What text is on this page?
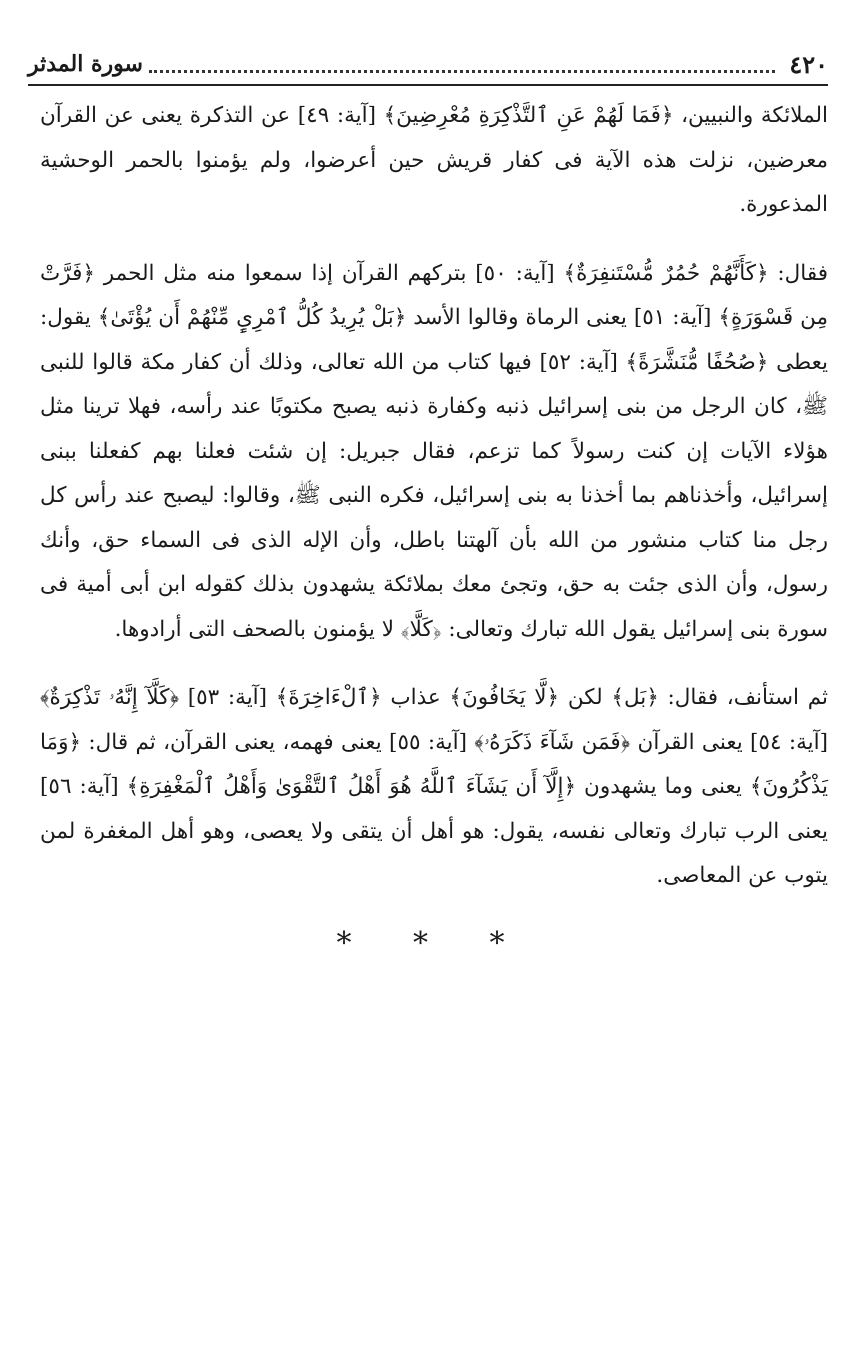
٤٢٠
سورة المدثر

الملائكة والنبيين، ﴿فَمَا لَهُمْ عَنِ ٱلتَّذْكِرَةِ مُعْرِضِينَ﴾ [آية: ٤٩] عن التذكرة يعنى عن القرآن معرضين، نزلت هذه الآية فى كفار قريش حين أعرضوا، ولم يؤمنوا بالحمر الوحشية المذعورة.

فقال: ﴿كَأَنَّهُمْ حُمُرٌ مُّسْتَنفِرَةٌ﴾ [آية: ٥٠] بتركهم القرآن إذا سمعوا منه مثل الحمر ﴿فَرَّتْ مِن قَسْوَرَةٍ﴾ [آية: ٥١] يعنى الرماة وقالوا الأسد ﴿بَلْ يُرِيدُ كُلُّ ٱمْرِىٍٕ مِّنْهُمْ أَن يُؤْتَىٰ﴾ يقول: يعطى ﴿صُحُفًا مُّنَشَّرَةً﴾ [آية: ٥٢] فيها كتاب من الله تعالى، وذلك أن كفار مكة قالوا للنبى ﷺ، كان الرجل من بنى إسرائيل ذنبه وكفارة ذنبه يصبح مكتوبًا عند رأسه، فهلا ترينا مثل هؤلاء الآيات إن كنت رسولاً كما تزعم، فقال جبريل: إن شئت فعلنا بهم كفعلنا ببنى إسرائيل، وأخذناهم بما أخذنا به بنى إسرائيل، فكره النبى ﷺ، وقالوا: ليصبح عند رأس كل رجل منا كتاب منشور من الله بأن آلهتنا باطل، وأن الإله الذى فى السماء حق، وأنك رسول، وأن الذى جئت به حق، وتجئ معك بملائكة يشهدون بذلك كقوله ابن أبى أمية فى سورة بنى إسرائيل يقول الله تبارك وتعالى: ﴿كَلَّا﴾ لا يؤمنون بالصحف التى أرادوها.

ثم استأنف، فقال: ﴿بَل﴾ لكن ﴿لَّا يَخَافُونَ﴾ عذاب ﴿ٱلْءَاخِرَةَ﴾ [آية: ٥٣] ﴿كَلَّآ إِنَّهُۥ تَذْكِرَةٌ﴾ [آية: ٥٤] يعنى القرآن ﴿فَمَن شَآءَ ذَكَرَهُۥ﴾ [آية: ٥٥] يعنى فهمه، يعنى القرآن، ثم قال: ﴿وَمَا يَذْكُرُونَ﴾ يعنى وما يشهدون ﴿إِلَّآ أَن يَشَآءَ ٱللَّهُ هُوَ أَهْلُ ٱلتَّقْوَىٰ وَأَهْلُ ٱلْمَغْفِرَةِ﴾ [آية: ٥٦] يعنى الرب تبارك وتعالى نفسه، يقول: هو أهل أن يتقى ولا يعصى، وهو أهل المغفرة لمن يتوب عن المعاصى.

* * *
